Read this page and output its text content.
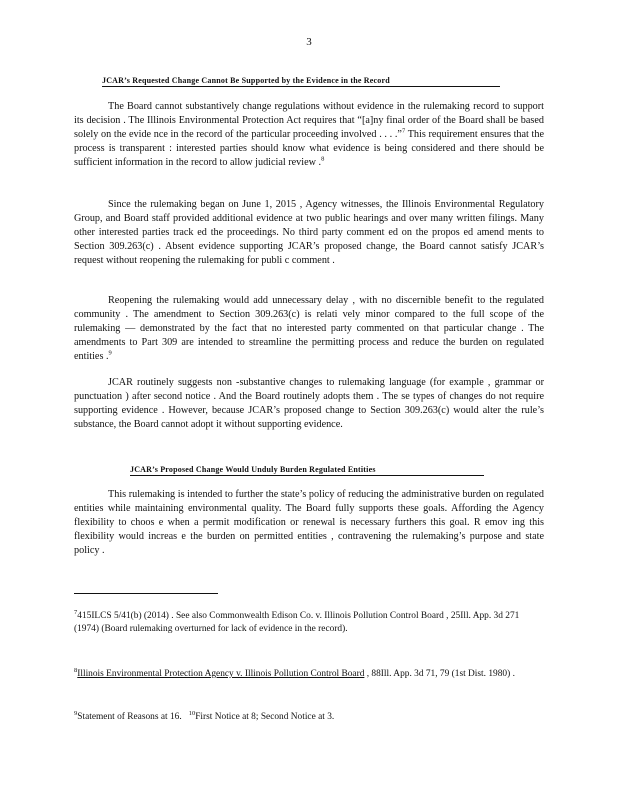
3
JCAR’s Requested Change Cannot Be Supported by the Evidence in the Record
The Board cannot substantively change regulations without evidence in the rulemaking record to support its decision . The Illinois Environmental Protection Act requires that “[a]ny final order of the Board shall be based solely on the evide nce in the record of the particular proceeding involved . . . .”$^7$ This requirement ensures that the process is transparent : interested parties should know what evidence is being considered and there should be sufficient information in the record to allow judicial review .$^8$
Since the rulemaking began on June 1, 2015 , Agency witnesses, the Illinois Environmental Regulatory Group, and Board staff provided additional evidence at two public hearings and over many written filings. Many other interested parties track ed the proceedings. No third party comment ed on the propos ed amend ments to Section 309.263(c) . Absent evidence supporting JCAR’s proposed change, the Board cannot satisfy JCAR’s request without reopening the rulemaking for publi c comment .
Reopening the rulemaking would add unnecessary delay , with no discernible benefit to the regulated community . The amendment to Section 309.263(c) is relati vely minor compared to the full scope of the rulemaking — demonstrated by the fact that no interested party commented on that particular change . The amendments to Part 309 are intended to streamline the permitting process and reduce the burden on regulated entities .$^9$
JCAR routinely suggests non -substantive changes to rulemaking language (for example , grammar or punctuation ) after second notice . And the Board routinely adopts them . The se types of changes do not require supporting evidence . However, because JCAR’s proposed change to Section 309.263(c) would alter the rule’s substance, the Board cannot adopt it without supporting evidence.
JCAR’s Proposed Change Would Unduly Burden Regulated Entities
This rulemaking is intended to further the state’s policy of reducing the administrative burden on regulated entities while maintaining environmental quality. The Board fully supports these goals. Affording the Agency flexibility to choos e when a permit modification or renewal is necessary furthers this goal. R emov ing this flexibility would increas e the burden on permitted entities , contravening the rulemaking’s purpose and state policy .
$^7$415ILCS 5/41(b) (2014) . See also Commonwealth Edison Co. v. Illinois Pollution Control Board , 25Ill. App. 3d 271 (1974) (Board rulemaking overturned for lack of evidence in the record).
$^8$Illinois Environmental Protection Agency v. Illinois Pollution Control Board , 88Ill. App. 3d 71, 79 (1st Dist. 1980) .
$^9$Statement of Reasons at 16. $^{10}$First Notice at 8; Second Notice at 3.
